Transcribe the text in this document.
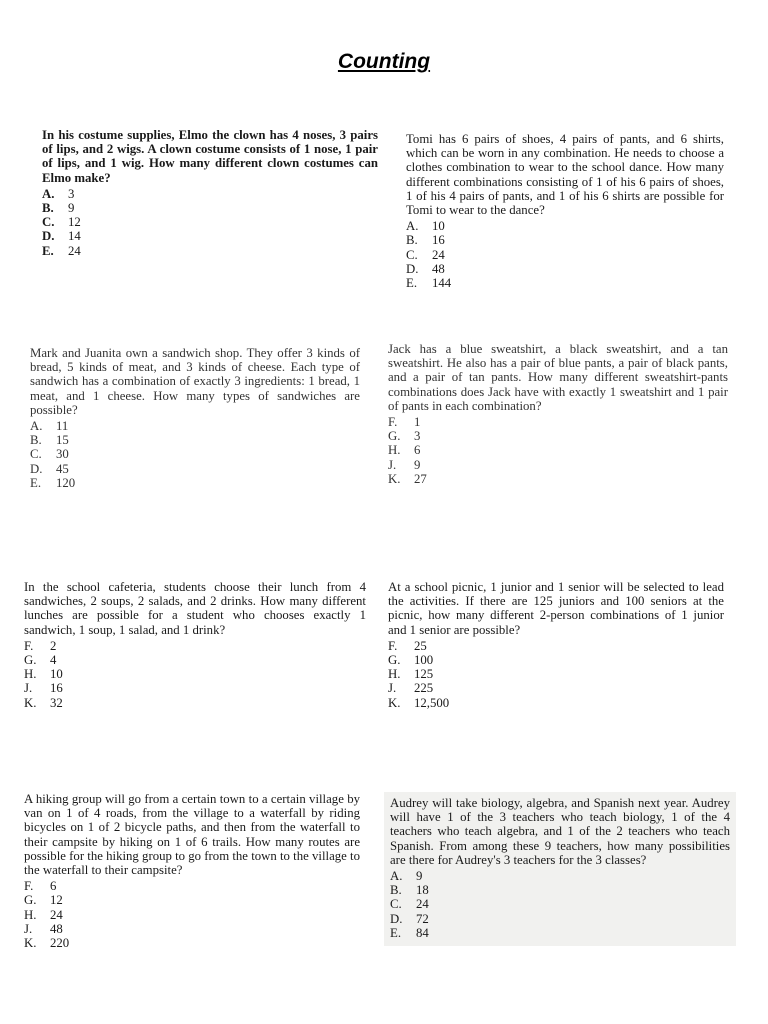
Counting

In his costume supplies, Elmo the clown has 4 noses, 3 pairs of lips, and 2 wigs. A clown costume consists of 1 nose, 1 pair of lips, and 1 wig. How many different clown costumes can Elmo make?

A. 3
B. 9
C. 12
D. 14
E. 24

Tomi has 6 pairs of shoes, 4 pairs of pants, and 6 shirts, which can be worn in any combination. He needs to choose a clothes combination to wear to the school dance. How many different combinations consisting of 1 of his 6 pairs of shoes, 1 of his 4 pairs of pants, and 1 of his 6 shirts are possible for Tomi to wear to the dance?

A. 10
B. 16
C. 24
D. 48
E. 144

Mark and Juanita own a sandwich shop. They offer 3 kinds of bread, 5 kinds of meat, and 3 kinds of cheese. Each type of sandwich has a combination of exactly 3 ingredients: 1 bread, 1 meat, and 1 cheese. How many types of sandwiches are possible?

A. 11
B. 15
C. 30
D. 45
E. 120

Jack has a blue sweatshirt, a black sweatshirt, and a tan sweatshirt. He also has a pair of blue pants, a pair of black pants, and a pair of tan pants. How many different sweatshirt-pants combinations does Jack have with exactly 1 sweatshirt and 1 pair of pants in each combination?

F. 1
G. 3
H. 6
J. 9
K. 27

In the school cafeteria, students choose their lunch from 4 sandwiches, 2 soups, 2 salads, and 2 drinks. How many different lunches are possible for a student who chooses exactly 1 sandwich, 1 soup, 1 salad, and 1 drink?

F. 2
G. 4
H. 10
J. 16
K. 32

At a school picnic, 1 junior and 1 senior will be selected to lead the activities. If there are 125 juniors and 100 seniors at the picnic, how many different 2-person combinations of 1 junior and 1 senior are possible?

F. 25
G. 100
H. 125
J. 225
K. 12,500

A hiking group will go from a certain town to a certain village by van on 1 of 4 roads, from the village to a waterfall by riding bicycles on 1 of 2 bicycle paths, and then from the waterfall to their campsite by hiking on 1 of 6 trails. How many routes are possible for the hiking group to go from the town to the village to the waterfall to their campsite?

F. 6
G. 12
H. 24
J. 48
K. 220

Audrey will take biology, algebra, and Spanish next year. Audrey will have 1 of the 3 teachers who teach biology, 1 of the 4 teachers who teach algebra, and 1 of the 2 teachers who teach Spanish. From among these 9 teachers, how many possibilities are there for Audrey's 3 teachers for the 3 classes?

A. 9
B. 18
C. 24
D. 72
E. 84
